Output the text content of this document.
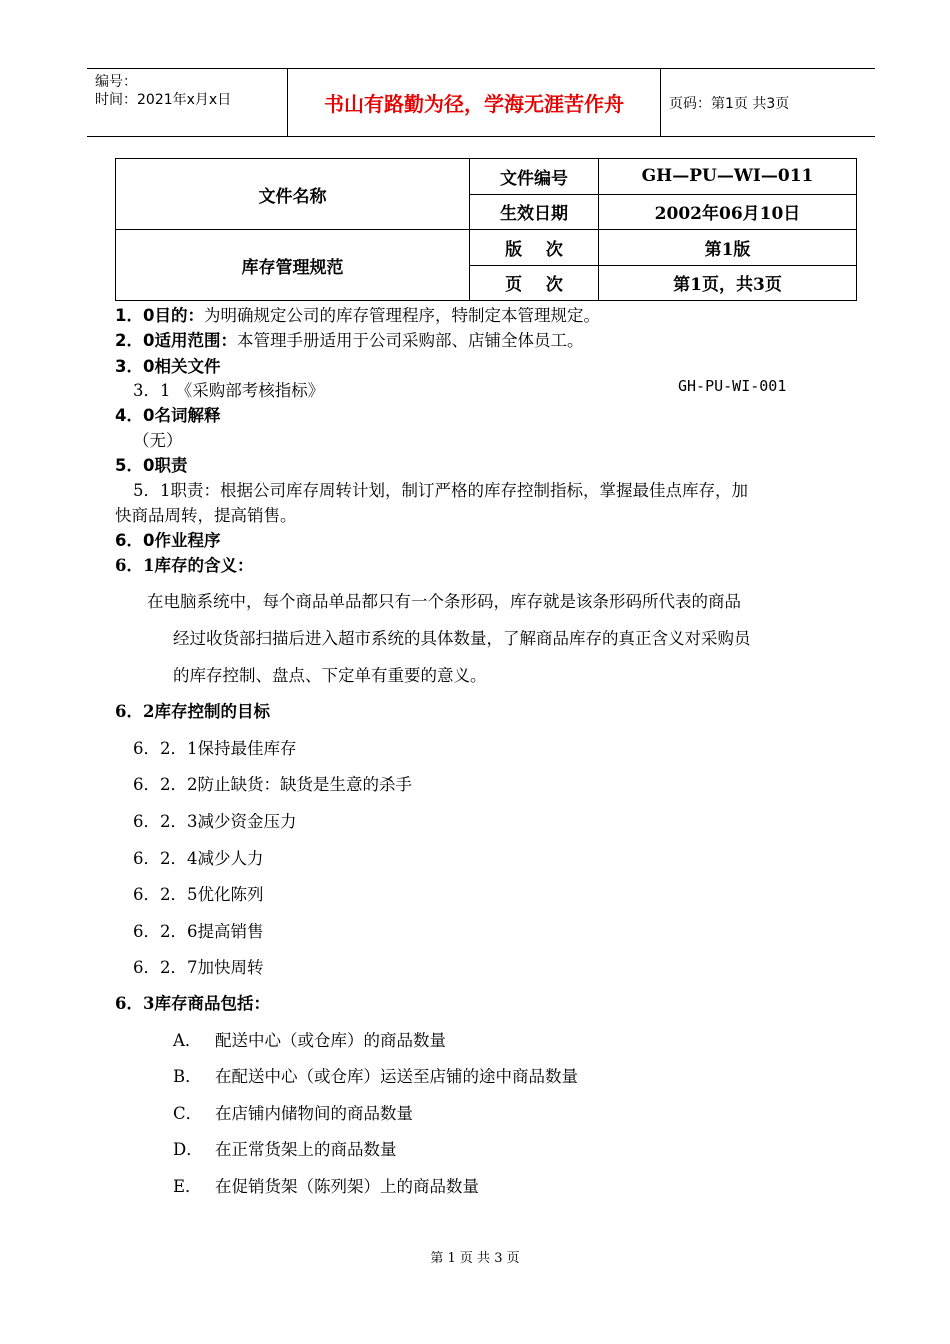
编号：
时间：2021年x月x日	书山有路勤为径，学海无涯苦作舟	页码：第1页 共3页
文件名称	文件编号	GH—PU—WI—011
	生效日期	2002年06月10日
库存管理规范	版    次	第1版
	页    次	第1页，共3页
1．0目的：为明确规定公司的库存管理程序，特制定本管理规定。
2．0适用范围：本管理手册适用于公司采购部、店铺全体员工。
3．0相关文件
3．1 《采购部考核指标》	GH-PU-WI-001
4．0名词解释
（无）
5．0职责
5．1职责：根据公司库存周转计划，制订严格的库存控制指标，掌握最佳点库存，加
快商品周转，提高销售。
6．0作业程序
6．1库存的含义：
在电脑系统中，每个商品单品都只有一个条形码，库存就是该条形码所代表的商品
经过收货部扫描后进入超市系统的具体数量，了解商品库存的真正含义对采购员
的库存控制、盘点、下定单有重要的意义。
6．2库存控制的目标
6．2．1保持最佳库存
6．2．2防止缺货：缺货是生意的杀手
6．2．3减少资金压力
6．2．4减少人力
6．2．5优化陈列
6．2．6提高销售
6．2．7加快周转
6．3库存商品包括：
A． 配送中心（或仓库）的商品数量
B． 在配送中心（或仓库）运送至店铺的途中商品数量
C． 在店铺内储物间的商品数量
D． 在正常货架上的商品数量
E． 在促销货架（陈列架）上的商品数量
第 1 页 共 3 页
